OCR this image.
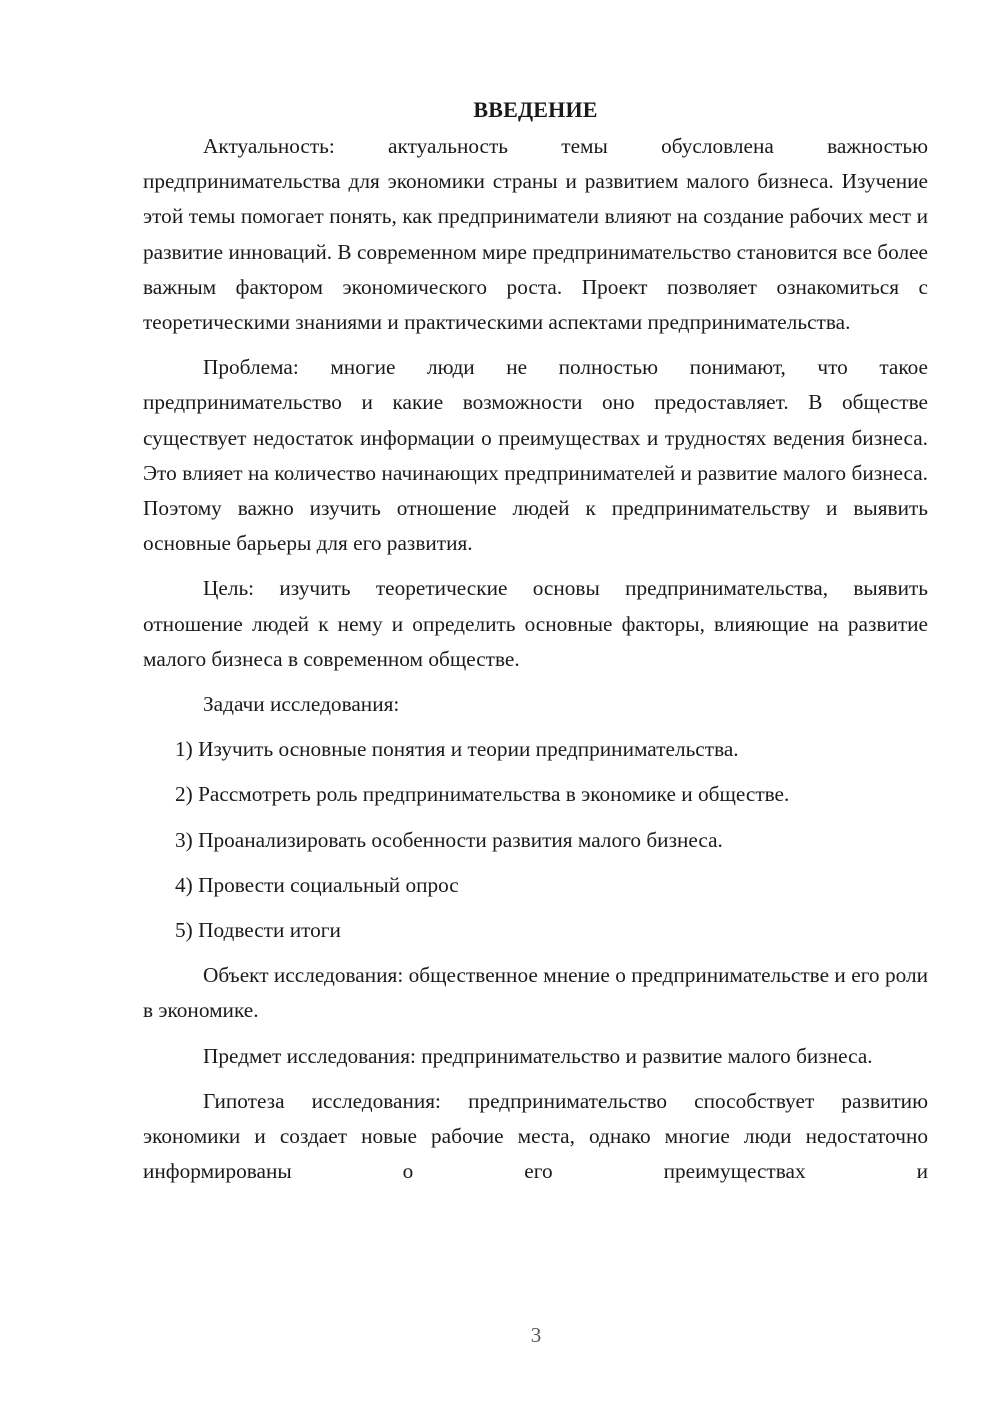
ВВЕДЕНИЕ

Актуальность: актуальность темы обусловлена важностью предпринимательства для экономики страны и развитием малого бизнеса. Изучение этой темы помогает понять, как предприниматели влияют на создание рабочих мест и развитие инноваций. В современном мире предпринимательство становится все более важным фактором экономического роста. Проект позволяет ознакомиться с теоретическими знаниями и практическими аспектами предпринимательства.

Проблема: многие люди не полностью понимают, что такое предпринимательство и какие возможности оно предоставляет. В обществе существует недостаток информации о преимуществах и трудностях ведения бизнеса. Это влияет на количество начинающих предпринимателей и развитие малого бизнеса. Поэтому важно изучить отношение людей к предпринимательству и выявить основные барьеры для его развития.

Цель: изучить теоретические основы предпринимательства, выявить отношение людей к нему и определить основные факторы, влияющие на развитие малого бизнеса в современном обществе.

Задачи исследования:

1) Изучить основные понятия и теории предпринимательства.
2) Рассмотреть роль предпринимательства в экономике и обществе.
3) Проанализировать особенности развития малого бизнеса.
4) Провести социальный опрос
5) Подвести итоги

Объект исследования: общественное мнение о предпринимательстве и его роли в экономике.

Предмет исследования: предпринимательство и развитие малого бизнеса.

Гипотеза исследования: предпринимательство способствует развитию экономики и создает новые рабочие места, однако многие люди недостаточно информированы о его преимуществах и

3
